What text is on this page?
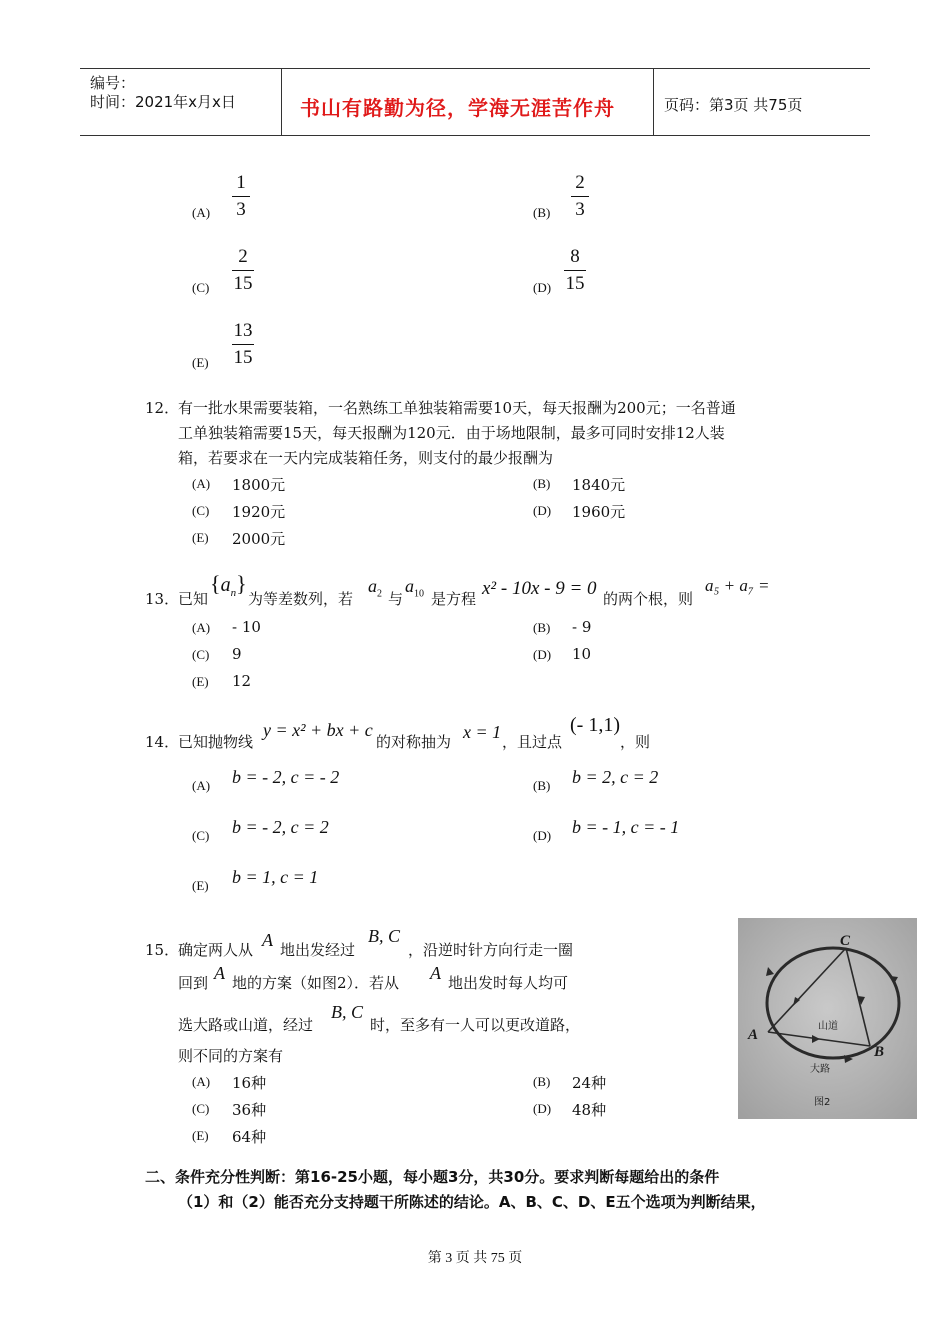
编号：
时间：2021年x月x日	书山有路勤为径，学海无涯苦作舟	页码：第3页 共75页
(A)
1
3	(B)
2
3
(C)
2
15	(D)
8
15
(E)
13
15
12．
有一批水果需要装箱，一名熟练工单独装箱需要10天，每天报酬为200元；一名普通
工单独装箱需要15天，每天报酬为120元．由于场地限制，最多可同时安排12人装
箱，若要求在一天内完成装箱任务，则支付的最少报酬为
(A) 1800元	(B) 1840元
(C) 1920元	(D) 1960元
(E) 2000元
13．
已知
$\{a_n\}$
为等差数列，若
$a_2$ 与
$a_{10}$ 是方程 x² - 10x - 9 = 0 的两个根，则
a₅ + a₇ =
(A) - 10	(B) - 9
(C) 9	(D) 10
(E) 12
14．
已知抛物线
y = x² + bx + c
的对称抽为 x = 1 ，且过点
(- 1,1)
，则
(A) b = - 2, c = - 2	(B) b = 2, c = 2
(C) b = - 2, c = 2	(D) b = - 1, c = - 1
(E) b = 1, c = 1
15．
确定两人从 A 地出发经过
B, C
，沿逆时针方向行走一圈
回到 A 地的方案（如图2）．若从 A 地出发时每人均可
选大路或山道，经过
B, C
时，至多有一人可以更改道路，
则不同的方案有
(A) 16种	(B) 24种
(C) 36种	(D) 48种
(E) 64种
C
A
B
山道
大路
图2
二、条件充分性判断：第16-25小题，每小题3分，共30分。要求判断每题给出的条件
（1）和（2）能否充分支持题干所陈述的结论。A、B、C、D、E五个选项为判断结果，
第 3 页 共 75 页
